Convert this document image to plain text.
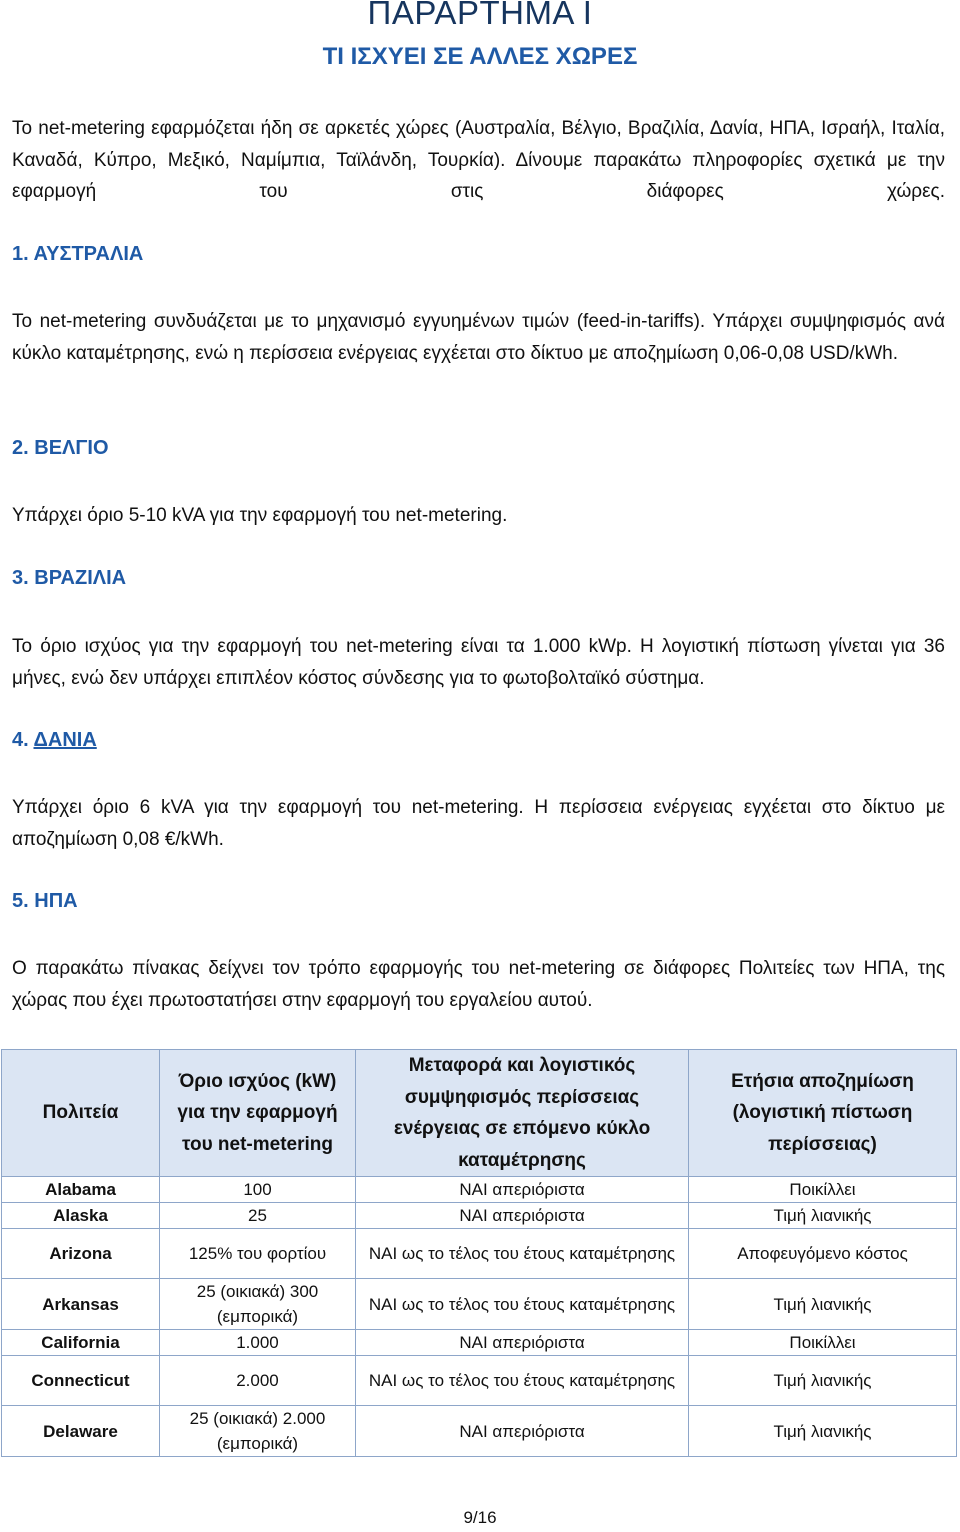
ΠΑΡΑΡΤΗΜΑ Ι
ΤΙ ΙΣΧΥΕΙ ΣΕ ΑΛΛΕΣ ΧΩΡΕΣ

Το net-metering εφαρμόζεται ήδη σε αρκετές χώρες (Αυστραλία, Βέλγιο, Βραζιλία, Δανία, ΗΠΑ, Ισραήλ, Ιταλία, Καναδά, Κύπρο, Μεξικό, Ναμίμπια, Ταϊλάνδη, Τουρκία). Δίνουμε παρακάτω πληροφορίες σχετικά με την εφαρμογή του στις διάφορες χώρες.

1. ΑΥΣΤΡΑΛΙΑ

Το net-metering συνδυάζεται με το μηχανισμό εγγυημένων τιμών (feed-in-tariffs). Υπάρχει συμψηφισμός ανά κύκλο καταμέτρησης, ενώ η περίσσεια ενέργειας εγχέεται στο δίκτυο με αποζημίωση 0,06-0,08 USD/kWh.

2. ΒΕΛΓΙΟ

Υπάρχει όριο 5-10 kVA για την εφαρμογή του net-metering.

3. ΒΡΑΖΙΛΙΑ

Το όριο ισχύος για την εφαρμογή του net-metering είναι τα 1.000 kWp. Η λογιστική πίστωση γίνεται για 36 μήνες, ενώ δεν υπάρχει επιπλέον κόστος σύνδεσης για το φωτοβολταϊκό σύστημα.

4. ΔΑΝΙΑ

Υπάρχει όριο 6 kVA για την εφαρμογή του net-metering. Η περίσσεια ενέργειας εγχέεται στο δίκτυο με αποζημίωση 0,08 €/kWh.

5. ΗΠΑ

Ο παρακάτω πίνακας δείχνει τον τρόπο εφαρμογής του net-metering σε διάφορες Πολιτείες των ΗΠΑ, της χώρας που έχει πρωτοστατήσει στην εφαρμογή του εργαλείου αυτού.

Πολιτεία	Όριο ισχύος (kW) για την εφαρμογή του net-metering	Μεταφορά και λογιστικός συμψηφισμός περίσσειας ενέργειας σε επόμενο κύκλο καταμέτρησης	Ετήσια αποζημίωση (λογιστική πίστωση περίσσειας)
Alabama	100	ΝΑΙ απεριόριστα	Ποικίλλει
Alaska	25	ΝΑΙ απεριόριστα	Τιμή λιανικής
Arizona	125% του φορτίου	ΝΑΙ ως το τέλος του έτους καταμέτρησης	Αποφευγόμενο κόστος
Arkansas	25 (οικιακά) 300 (εμπορικά)	ΝΑΙ ως το τέλος του έτους καταμέτρησης	Τιμή λιανικής
California	1.000	ΝΑΙ απεριόριστα	Ποικίλλει
Connecticut	2.000	ΝΑΙ ως το τέλος του έτους καταμέτρησης	Τιμή λιανικής
Delaware	25 (οικιακά) 2.000 (εμπορικά)	ΝΑΙ απεριόριστα	Τιμή λιανικής
9/16
